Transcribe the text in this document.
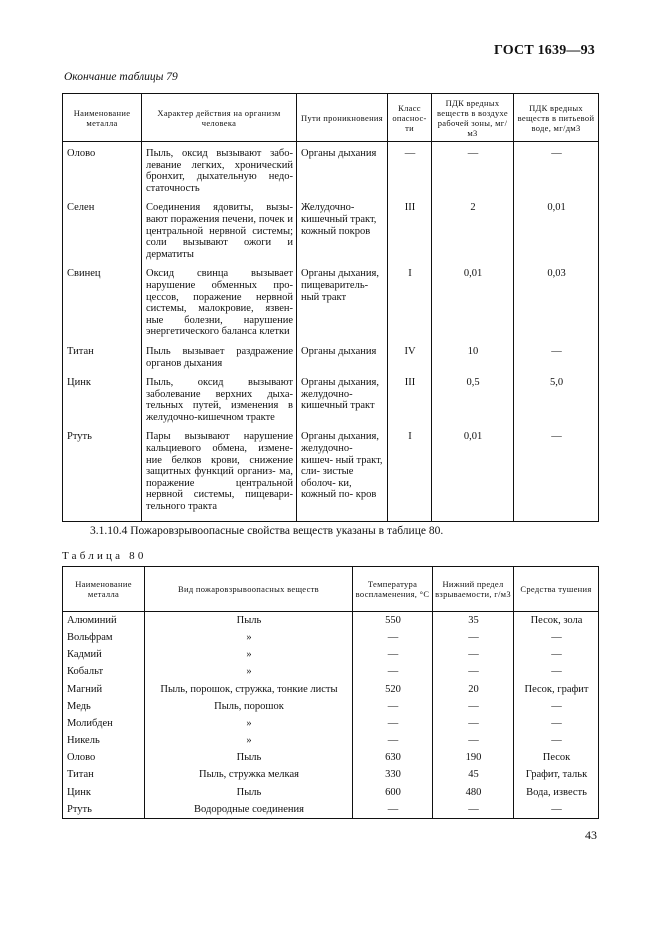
ГОСТ 1639—93
Окончание таблицы 79
Наименование металла	Характер действия на организм человека	Пути проникновения	Класс опаснос- ти	ПДК вредных веществ в воздухе рабочей зоны, мг/м3	ПДК вредных веществ в питьевой воде, мг/дм3
Олово	Пыль, оксид вызывают забо- левание легких, хронический бронхит, дыхательную недо- статочность	Органы дыхания	—	—	—
Селен	Соединения ядовиты, вызы- вают поражения печени, почек и центральной нервной системы; соли вызывают ожоги и дерматиты	Желудочно- кишечный тракт, кожный покров	III	2	0,01
Свинец	Оксид свинца вызывает нарушение обменных про- цессов, поражение нервной системы, малокровие, язвен- ные болезни, нарушение энергетического баланса клетки	Органы дыхания, пищеваритель- ный тракт	I	0,01	0,03
Титан	Пыль вызывает раздражение органов дыхания	Органы дыхания	IV	10	—
Цинк	Пыль, оксид вызывают заболевание верхних дыха- тельных путей, изменения в желудочно-кишечном тракте	Органы дыхания, желудочно- кишечный тракт	III	0,5	5,0
Ртуть	Пары вызывают нарушение кальциевого обмена, измене- ние белков крови, снижение защитных функций организ- ма, поражение центральной нервной системы, пищевари- тельного тракта	Органы дыхания, желудочно-кишеч- ный тракт, сли- зистые оболоч- ки, кожный по- кров	I	0,01	—
3.1.10.4 Пожаровзрывоопасные свойства веществ указаны в таблице 80.
Таблица 80
Наименование металла	Вид пожаровзрывоопасных веществ	Температура воспламенения, °С	Нижний предел взрываемости, г/м3	Средства тушения
Алюминий	Пыль	550	35	Песок, зола
Вольфрам	»	—	—	—
Кадмий	»	—	—	—
Кобальт	»	—	—	—
Магний	Пыль, порошок, стружка, тонкие листы	520	20	Песок, графит
Медь	Пыль, порошок	—	—	—
Молибден	»	—	—	—
Никель	»	—	—	—
Олово	Пыль	630	190	Песок
Титан	Пыль, стружка мелкая	330	45	Графит, тальк
Цинк	Пыль	600	480	Вода, известь
Ртуть	Водородные соединения	—	—	—
43
